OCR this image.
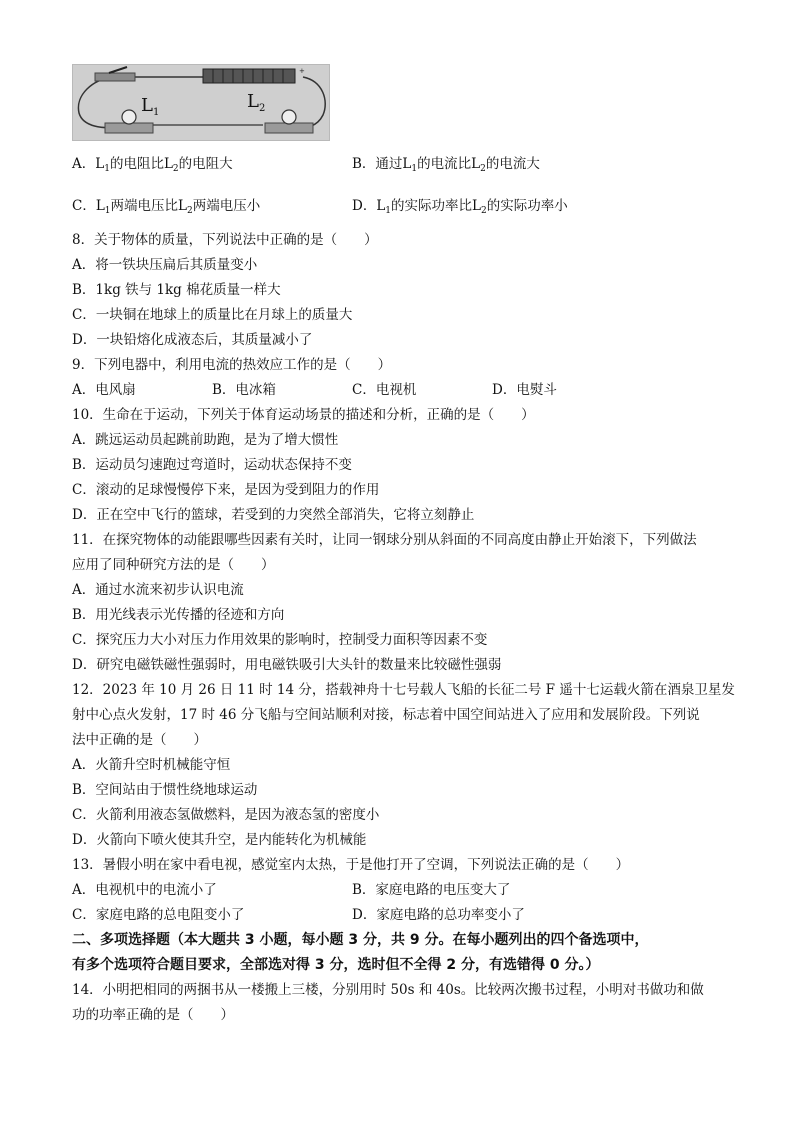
+
$L_1$
$L_2$
A．$L_1$的电阻比$L_2$的电阻大	B．通过$L_1$的电流比$L_2$的电流大
C．$L_1$两端电压比$L_2$两端电压小	D．$L_1$的实际功率比$L_2$的实际功率小
8．关于物体的质量，下列说法中正确的是（　　）
A．将一铁块压扁后其质量变小
B．1kg 铁与 1kg 棉花质量一样大
C．一块铜在地球上的质量比在月球上的质量大
D．一块铅熔化成液态后，其质量减小了
9．下列电器中，利用电流的热效应工作的是（　　）
A．电风扇	B．电冰箱	C．电视机	D．电熨斗
10．生命在于运动，下列关于体育运动场景的描述和分析，正确的是（　　）
A．跳远运动员起跳前助跑，是为了增大惯性
B．运动员匀速跑过弯道时，运动状态保持不变
C．滚动的足球慢慢停下来，是因为受到阻力的作用
D．正在空中飞行的篮球，若受到的力突然全部消失，它将立刻静止
11．在探究物体的动能跟哪些因素有关时，让同一钢球分别从斜面的不同高度由静止开始滚下，下列做法
应用了同种研究方法的是（　　）
A．通过水流来初步认识电流
B．用光线表示光传播的径迹和方向
C．探究压力大小对压力作用效果的影响时，控制受力面积等因素不变
D．研究电磁铁磁性强弱时，用电磁铁吸引大头针的数量来比较磁性强弱
12．2023 年 10 月 26 日 11 时 14 分，搭载神舟十七号载人飞船的长征二号 F 遥十七运载火箭在酒泉卫星发
射中心点火发射，17 时 46 分飞船与空间站顺利对接，标志着中国空间站进入了应用和发展阶段。下列说
法中正确的是（　　）
A．火箭升空时机械能守恒
B．空间站由于惯性绕地球运动
C．火箭利用液态氢做燃料，是因为液态氢的密度小
D．火箭向下喷火使其升空，是内能转化为机械能
13．暑假小明在家中看电视，感觉室内太热，于是他打开了空调，下列说法正确的是（　　）
A．电视机中的电流小了	B．家庭电路的电压变大了
C．家庭电路的总电阻变小了	D．家庭电路的总功率变小了
二、多项选择题（本大题共 3 小题，每小题 3 分，共 9 分。在每小题列出的四个备选项中，
有多个选项符合题目要求，全部选对得 3 分，选时但不全得 2 分，有选错得 0 分。）
14．小明把相同的两捆书从一楼搬上三楼，分别用时 50s 和 40s。比较两次搬书过程，小明对书做功和做
功的功率正确的是（　　）
